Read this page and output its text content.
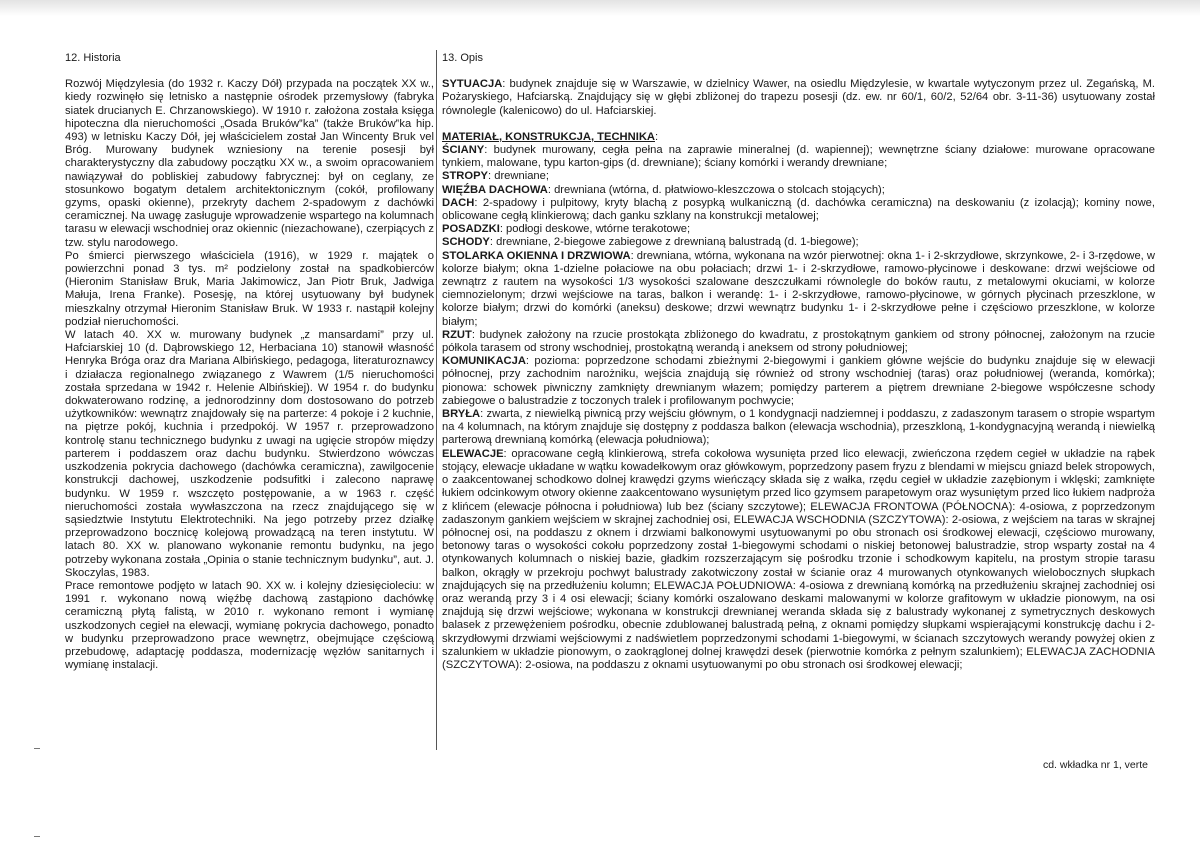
12. Historia

Rozwój Międzylesia (do 1932 r. Kaczy Dół) przypada na początek XX w., kiedy rozwinęło się letnisko a następnie ośrodek przemysłowy (fabryka siatek drucianych E. Chrzanowskiego). W 1910 r. założona została księga hipoteczna dla nieruchomości „Osada Bruków‟ka” (także Bruków‟ka hip. 493) w letnisku Kaczy Dół, jej właścicielem został Jan Wincenty Bruk vel Bróg. Murowany budynek wzniesiony na terenie posesji był charakterystyczny dla zabudowy początku XX w., a swoim opracowaniem nawiązywał do pobliskiej zabudowy fabrycznej: był on ceglany, ze stosunkowo bogatym detalem architektonicznym (cokół, profilowany gzyms, opaski okienne), przekryty dachem 2-spadowym z dachówki ceramicznej. Na uwagę zasługuje wprowadzenie wspartego na kolumnach tarasu w elewacji wschodniej oraz okiennic (niezachowane), czerpiących z tzw. stylu narodowego.

Po śmierci pierwszego właściciela (1916), w 1929 r. majątek o powierzchni ponad 3 tys. m² podzielony został na spadkobierców (Hieronim Stanisław Bruk, Maria Jakimowicz, Jan Piotr Bruk, Jadwiga Małuja, Irena Franke). Posesję, na której usytuowany był budynek mieszkalny otrzymał Hieronim Stanisław Bruk. W 1933 r. nastąpił kolejny podział nieruchomości.

W latach 40. XX w. murowany budynek „z mansardami” przy ul. Hafciarskiej 10 (d. Dąbrowskiego 12, Herbaciana 10) stanowił własność Henryka Bróga oraz dra Mariana Albińskiego, pedagoga, literaturoznawcy i działacza regionalnego związanego z Wawrem (1/5 nieruchomości została sprzedana w 1942 r. Helenie Albińskiej). W 1954 r. do budynku dokwaterowano rodzinę, a jednorodzinny dom dostosowano do potrzeb użytkowników: wewnątrz znajdowały się na parterze: 4 pokoje i 2 kuchnie, na piętrze pokój, kuchnia i przedpokój. W 1957 r. przeprowadzono kontrolę stanu technicznego budynku z uwagi na ugięcie stropów między parterem i poddaszem oraz dachu budynku. Stwierdzono wówczas uszkodzenia pokrycia dachowego (dachówka ceramiczna), zawilgocenie konstrukcji dachowej, uszkodzenie podsufitki i zalecono naprawę budynku. W 1959 r. wszczęto postępowanie, a w 1963 r. część nieruchomości została wywłaszczona na rzecz znajdującego się w sąsiedztwie Instytutu Elektrotechniki. Na jego potrzeby przez działkę przeprowadzono bocznicę kolejową prowadzącą na teren instytutu. W latach 80. XX w. planowano wykonanie remontu budynku, na jego potrzeby wykonana została „Opinia o stanie technicznym budynku”, aut. J. Skoczylas, 1983.

Prace remontowe podjęto w latach 90. XX w. i kolejny dziesięcioleciu: w 1991 r. wykonano nową więźbę dachową zastąpiono dachówkę ceramiczną płytą falistą, w 2010 r. wykonano remont i wymianę uszkodzonych cegieł na elewacji, wymianę pokrycia dachowego, ponadto w budynku przeprowadzono prace wewnętrz, obejmujące częściową przebudowę, adaptację poddasza, modernizację węzłów sanitarnych i wymianę instalacji.

13. Opis

SYTUACJA: budynek znajduje się w Warszawie, w dzielnicy Wawer, na osiedlu Międzylesie, w kwartale wytyczonym przez ul. Zegańską, M. Pożaryskiego, Hafciarską. Znajdujący się w głębi zbliżonej do trapezu posesji (dz. ew. nr 60/1, 60/2, 52/64 obr. 3-11-36) usytuowany został równolegle (kalenicowo) do ul. Hafciarskiej.

MATERIAŁ, KONSTRUKCJA, TECHNIKA:

ŚCIANY: budynek murowany, cegła pełna na zaprawie mineralnej (d. wapiennej); wewnętrzne ściany działowe: murowane opracowane tynkiem, malowane, typu karton-gips (d. drewniane); ściany komórki i werandy drewniane;

STROPY: drewniane;

WIĘŹBA DACHOWA: drewniana (wtórna, d. płatwiowo-kleszczowa o stolcach stojących);

DACH: 2-spadowy i pulpitowy, kryty blachą z posypką wulkaniczną (d. dachówka ceramiczna) na deskowaniu (z izolacją); kominy nowe, oblicowane cegłą klinkierową; dach ganku szklany na konstrukcji metalowej;

POSADZKI: podłogi deskowe, wtórne terakotowe;

SCHODY: drewniane, 2-biegowe zabiegowe z drewnianą balustradą (d. 1-biegowe);

STOLARKA OKIENNA I DRZWIOWA: drewniana, wtórna, wykonana na wzór pierwotnej: okna 1- i 2-skrzydłowe, skrzynkowe, 2- i 3-rzędowe, w kolorze białym; okna 1-dzielne połaciowe na obu połaciach; drzwi 1- i 2-skrzydłowe, ramowo-płycinowe i deskowane: drzwi wejściowe od zewnątrz z rautem na wysokości 1/3 wysokości szalowane deszczułkami równolegle do boków rautu, z metalowymi okuciami, w kolorze ciemnozielonym; drzwi wejściowe na taras, balkon i werandę: 1- i 2-skrzydłowe, ramowo-płycinowe, w górnych płycinach przeszklone, w kolorze białym; drzwi do komórki (aneksu) deskowe; drzwi wewnątrz budynku 1- i 2-skrzydłowe pełne i częściowo przeszklone, w kolorze białym;

RZUT: budynek założony na rzucie prostokąta zbliżonego do kwadratu, z prostokątnym gankiem od strony północnej, założonym na rzucie półkola tarasem od strony wschodniej, prostokątną werandą i aneksem od strony południowej;

KOMUNIKACJA: pozioma: poprzedzone schodami zbieżnymi 2-biegowymi i gankiem główne wejście do budynku znajduje się w elewacji północnej, przy zachodnim narożniku, wejścia znajdują się również od strony wschodniej (taras) oraz południowej (weranda, komórka); pionowa: schowek piwniczny zamknięty drewnianym włazem; pomiędzy parterem a piętrem drewniane 2-biegowe współczesne schody zabiegowe o balustradzie z toczonych tralek i profilowanym pochwycie;

BRYŁA: zwarta, z niewielką piwnicą przy wejściu głównym, o 1 kondygnacji nadziemnej i poddaszu, z zadaszonym tarasem o stropie wspartym na 4 kolumnach, na którym znajduje się dostępny z poddasza balkon (elewacja wschodnia), przeszkloną, 1-kondygnacyjną werandą i niewielką parterową drewnianą komórką (elewacja południowa);

ELEWACJE: opracowane cegłą klinkierową, strefa cokołowa wysunięta przed lico elewacji, zwieńczona rzędem cegieł w układzie na rąbek stojący, elewacje układane w wątku kowadełkowym oraz główkowym, poprzedzony pasem fryzu z blendami w miejscu gniazd belek stropowych, o zaakcentowanej schodkowo dolnej krawędzi gzyms wieńczący składa się z wałka, rzędu cegieł w układzie zazębionym i wklęski; zamknięte łukiem odcinkowym otwory okienne zaakcentowano wysuniętym przed lico gzymsem parapetowym oraz wysuniętym przed lico łukiem nadproża z klińcem (elewacje północna i południowa) lub bez (ściany szczytowe); ELEWACJA FRONTOWA (PÓŁNOCNA): 4-osiowa, z poprzedzonym zadaszonym gankiem wejściem w skrajnej zachodniej osi, ELEWACJA WSCHODNIA (SZCZYTOWA): 2-osiowa, z wejściem na taras w skrajnej północnej osi, na poddaszu z oknem i drzwiami balkonowymi usytuowanymi po obu stronach osi środkowej elewacji, częściowo murowany, betonowy taras o wysokości cokołu poprzedzony został 1-biegowymi schodami o niskiej betonowej balustradzie, strop wsparty został na 4 otynkowanych kolumnach o niskiej bazie, gładkim rozszerzającym się pośrodku trzonie i schodkowym kapitelu, na prostym stropie tarasu balkon, okrągły w przekroju pochwyt balustrady zakotwiczony został w ścianie oraz 4 murowanych otynkowanych wielobocznych słupkach znajdujących się na przedłużeniu kolumn; ELEWACJA POŁUDNIOWA: 4-osiowa z drewnianą komórką na przedłużeniu skrajnej zachodniej osi oraz werandą przy 3 i 4 osi elewacji; ściany komórki oszalowano deskami malowanymi w kolorze grafitowym w układzie pionowym, na osi znajdują się drzwi wejściowe; wykonana w konstrukcji drewnianej weranda składa się z balustrady wykonanej z symetrycznych deskowych balasek z przewężeniem pośrodku, obecnie zdublowanej balustradą pełną, z oknami pomiędzy słupkami wspierającymi konstrukcję dachu i 2-skrzydłowymi drzwiami wejściowymi z nadświetlem poprzedzonymi schodami 1-biegowymi, w ścianach szczytowych werandy powyżej okien z szalunkiem w układzie pionowym, o zaokrąglonej dolnej krawędzi desek (pierwotnie komórka z pełnym szalunkiem); ELEWACJA ZACHODNIA (SZCZYTOWA): 2-osiowa, na poddaszu z oknami usytuowanymi po obu stronach osi środkowej elewacji;

cd. wkładka nr 1, verte
